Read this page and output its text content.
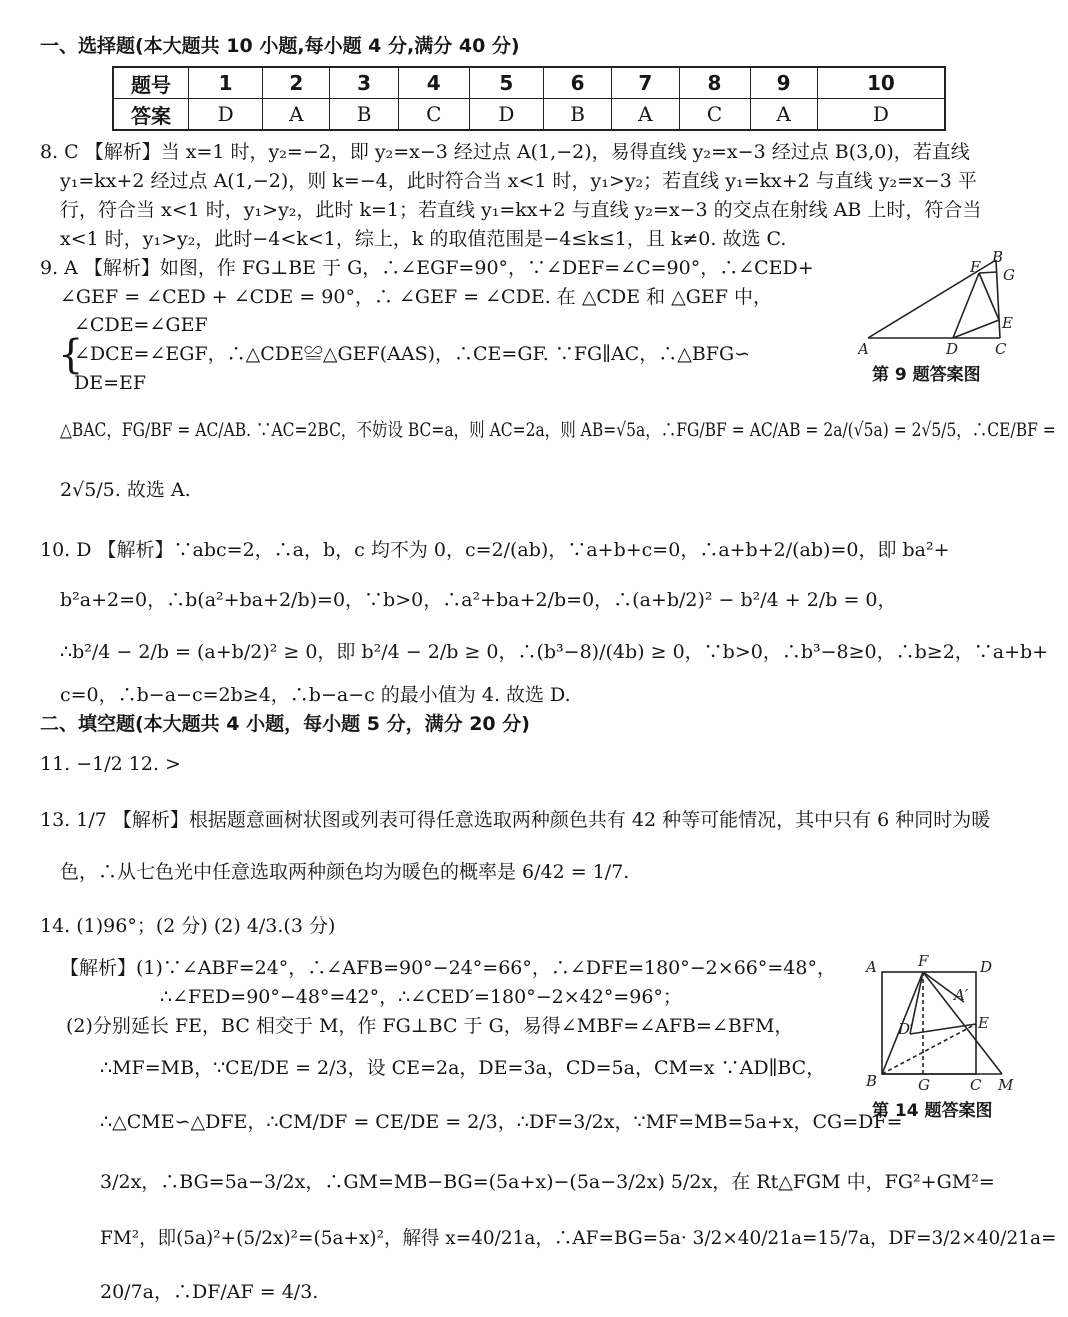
一、选择题(本大题共 10 小题,每小题 4 分,满分 40 分)
题号	1	2	3	4	5	6	7	8	9	10
答案	D	A	B	C	D	B	A	C	A	D
8. C 【解析】当 x=1 时，y₂=−2，即 y₂=x−3 经过点 A(1,−2)，易得直线 y₂=x−3 经过点 B(3,0)，若直线
y₁=kx+2 经过点 A(1,−2)，则 k=−4，此时符合当 x<1 时，y₁>y₂；若直线 y₁=kx+2 与直线 y₂=x−3 平
行，符合当 x<1 时，y₁>y₂，此时 k=1；若直线 y₁=kx+2 与直线 y₂=x−3 的交点在射线 AB 上时，符合当
x<1 时，y₁>y₂，此时−4<k<1，综上，k 的取值范围是−4≤k≤1，且 k≠0. 故选 C.
9. A 【解析】如图，作 FG⊥BE 于 G，∴∠EGF=90°，∵∠DEF=∠C=90°，∴∠CED+
∠GEF = ∠CED + ∠CDE = 90°，∴ ∠GEF = ∠CDE. 在 △CDE 和 △GEF 中，
{
∠CDE=∠GEF
∠DCE=∠EGF，∴△CDE≌△GEF(AAS)，∴CE=GF. ∵FG∥AC，∴△BFG∽
DE=EF
△BAC，FG/BF = AC/AB. ∵AC=2BC，不妨设 BC=a，则 AC=2a，则 AB=√5a，∴FG/BF = AC/AB = 2a/(√5a) = 2√5/5，∴CE/BF =
2√5/5. 故选 A.
F
B
G
E
A	D C
第 9 题答案图
10. D 【解析】∵abc=2，∴a，b，c 均不为 0，c=2/(ab)，∵a+b+c=0，∴a+b+2/(ab)=0，即 ba²+
b²a+2=0，∴b(a²+ba+2/b)=0，∵b>0，∴a²+ba+2/b=0，∴(a+b/2)² − b²/4 + 2/b = 0，
∴b²/4 − 2/b = (a+b/2)² ≥ 0，即 b²/4 − 2/b ≥ 0，∴(b³−8)/(4b) ≥ 0，∵b>0，∴b³−8≥0，∴b≥2，∵a+b+
c=0，∴b−a−c=2b≥4，∴b−a−c 的最小值为 4. 故选 D.
二、填空题(本大题共 4 小题，每小题 5 分，满分 20 分)
11. −1/2 12. >
13. 1/7 【解析】根据题意画树状图或列表可得任意选取两种颜色共有 42 种等可能情况，其中只有 6 种同时为暖
色，∴从七色光中任意选取两种颜色均为暖色的概率是 6/42 = 1/7.
14. (1)96°；(2 分) (2) 4/3.(3 分)
【解析】(1)∵∠ABF=24°，∴∠AFB=90°−24°=66°，∴∠DFE=180°−2×66°=48°，
∴∠FED=90°−48°=42°，∴∠CED′=180°−2×42°=96°；
(2)分别延长 FE，BC 相交于 M，作 FG⊥BC 于 G，易得∠MBF=∠AFB=∠BFM，
∴MF=MB，∵CE/DE = 2/3，设 CE=2a，DE=3a，CD=5a，CM=x ∵AD∥BC，
∴△CME∽△DFE，∴CM/DF = CE/DE = 2/3，∴DF=3/2x，∵MF=MB=5a+x，CG=DF=
3/2x，∴BG=5a−3/2x，∴GM=MB−BG=(5a+x)−(5a−3/2x) 5/2x，在 Rt△FGM 中，FG²+GM²=
FM²，即(5a)²+(5/2x)²=(5a+x)²，解得 x=40/21a，∴AF=BG=5a· 3/2×40/21a=15/7a，DF=3/2×40/21a=
20/7a，∴DF/AF = 4/3.
A	F	D
A′
D′	E
B	G	C M
第 14 题答案图
